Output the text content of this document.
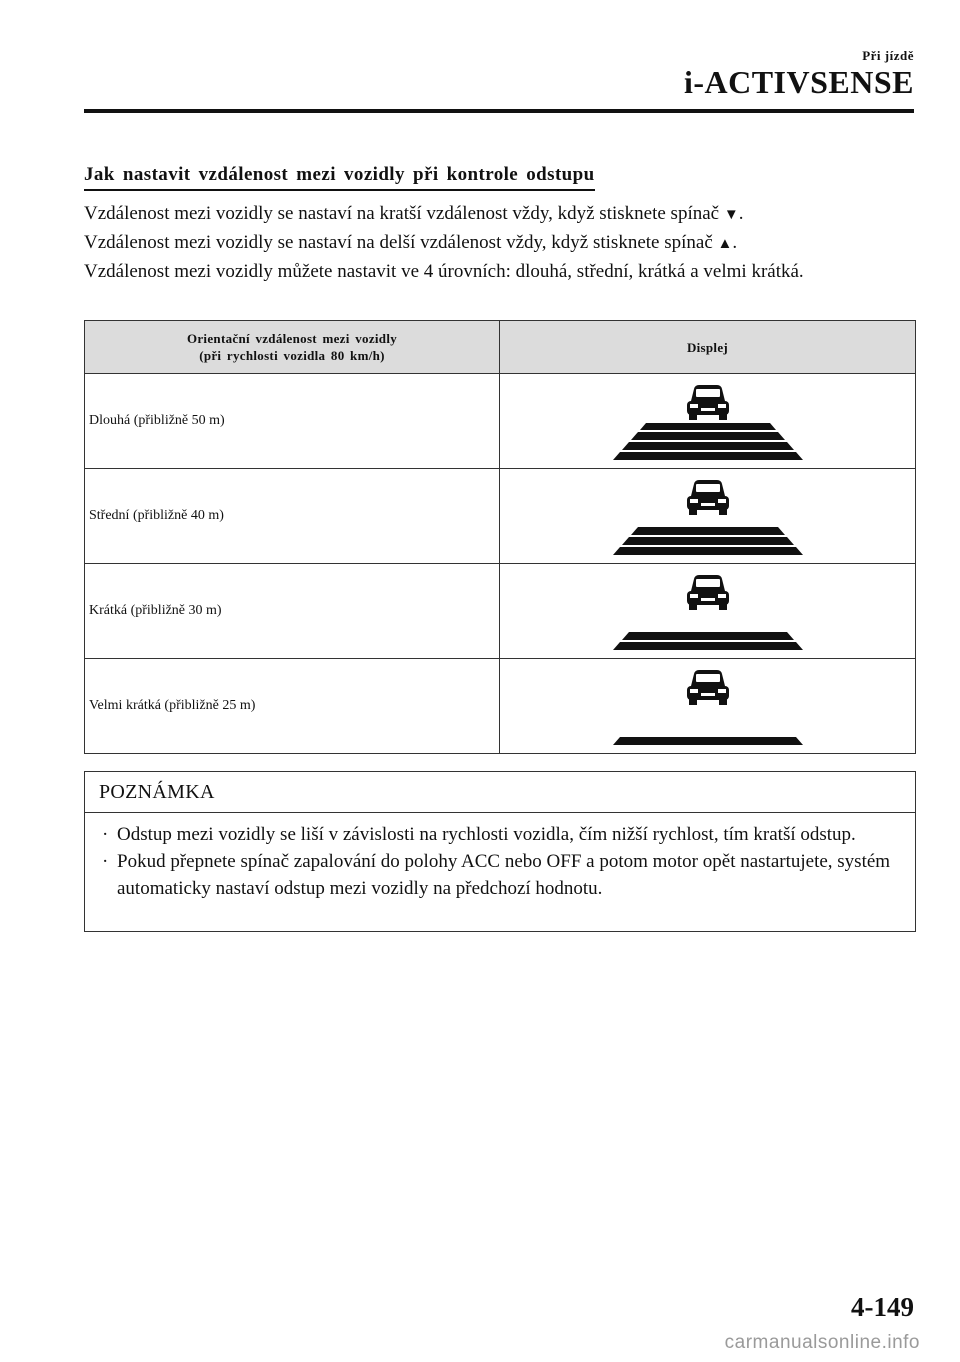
Při jízdě
i-ACTIVSENSE
Jak nastavit vzdálenost mezi vozidly při kontrole odstupu

Vzdálenost mezi vozidly se nastaví na kratší vzdálenost vždy, když stisknete spínač ▼.

Vzdálenost mezi vozidly se nastaví na delší vzdálenost vždy, když stisknete spínač ▲.

Vzdálenost mezi vozidly můžete nastavit ve 4 úrovních: dlouhá, střední, krátká a velmi krátká.

Orientační vzdálenost mezi vozidly
(při rychlosti vozidla 80 km/h)	Displej
Dlouhá (přibližně 50 m)	

Střední (přibližně 40 m)	

Krátká (přibližně 30 m)	

Velmi krátká (přibližně 25 m)	
POZNÁMKA
· Odstup mezi vozidly se liší v závislosti na rychlosti vozidla, čím nižší rychlost, tím kratší odstup.
· Pokud přepnete spínač zapalování do polohy ACC nebo OFF a potom motor opět nastartujete, systém automaticky nastaví odstup mezi vozidly na předchozí hodnotu.
4-149
carmanualsonline.info
